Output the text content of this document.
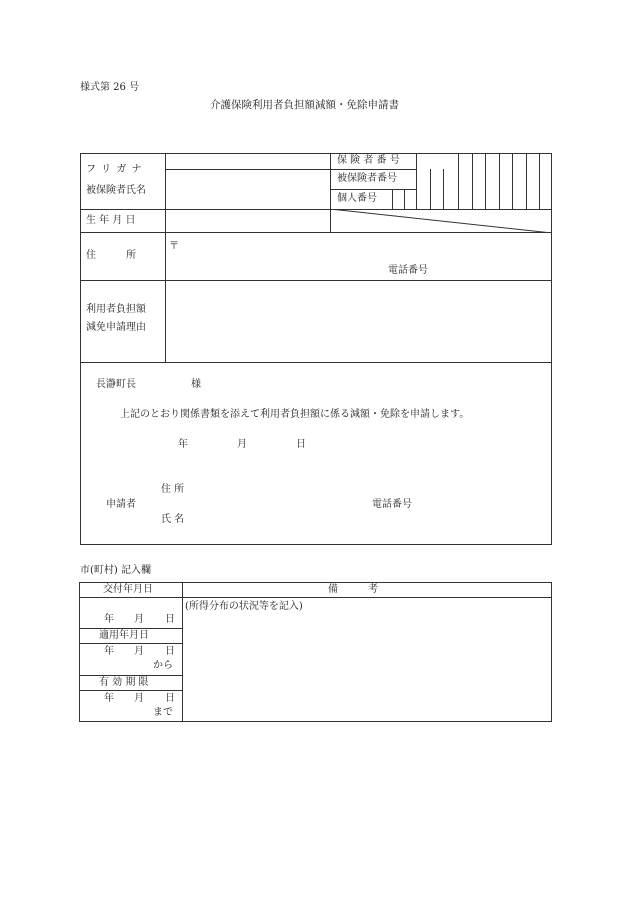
様式第 26 号
介護保険利用者負担額減額・免除申請書
フ リ ガ ナ
被保険者氏名
保 険 者 番 号
被保険者番号
個人番号
生 年 月 日
住　　　所
〒
電話番号
利用者負担額
減免申請理由
長瀞町長	様
上記のとおり関係書類を添えて利用者負担額に係る減額・免除を申請します。
年	月	日
住 所
申請者
氏 名
電話番号
市(町村) 記入欄
交付年月日	備　　　考
(所得分布の状況等を記入)
年 月 日
適用年月日
年 月 日
から
有 効 期 限
年 月 日
まで
